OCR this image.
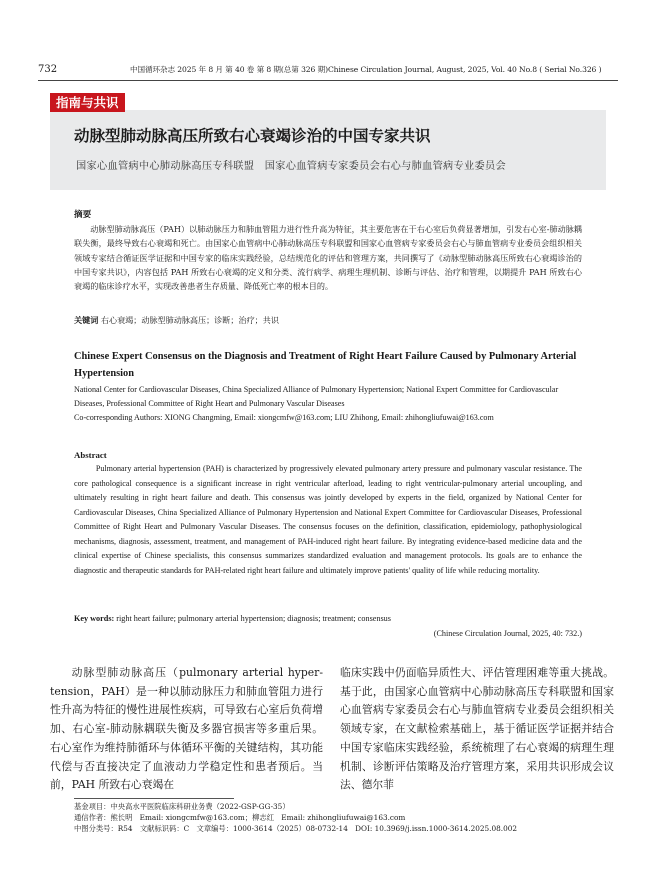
732	中国循环杂志 2025 年 8 月 第 40 卷 第 8 期(总第 326 期)Chinese Circulation Journal, August, 2025, Vol. 40 No.8 ( Serial No.326 )
指南与共识
动脉型肺动脉高压所致右心衰竭诊治的中国专家共识
国家心血管病中心肺动脉高压专科联盟　国家心血管病专家委员会右心与肺血管病专业委员会
摘要

动脉型肺动脉高压（PAH）以肺动脉压力和肺血管阻力进行性升高为特征，其主要危害在于右心室后负荷显著增加，引发右心室-肺动脉耦联失衡，最终导致右心衰竭和死亡。由国家心血管病中心肺动脉高压专科联盟和国家心血管病专家委员会右心与肺血管病专业委员会组织相关领域专家结合循证医学证据和中国专家的临床实践经验，总结规范化的评估和管理方案，共同撰写了《动脉型肺动脉高压所致右心衰竭诊治的中国专家共识》，内容包括 PAH 所致右心衰竭的定义和分类、流行病学、病理生理机制、诊断与评估、治疗和管理，以期提升 PAH 所致右心衰竭的临床诊疗水平，实现改善患者生存质量、降低死亡率的根本目的。

关键词 右心衰竭；动脉型肺动脉高压；诊断；治疗；共识
Chinese Expert Consensus on the Diagnosis and Treatment of Right Heart Failure Caused by Pulmonary Arterial Hypertension
National Center for Cardiovascular Diseases, China Specialized Alliance of Pulmonary Hypertension; National Expert Committee for Cardiovascular Diseases, Professional Committee of Right Heart and Pulmonary Vascular Diseases
Co-corresponding Authors: XIONG Changming, Email: xiongcmfw@163.com; LIU Zhihong, Email: zhihongliufuwai@163.com
Abstract

Pulmonary arterial hypertension (PAH) is characterized by progressively elevated pulmonary artery pressure and pulmonary vascular resistance. The core pathological consequence is a significant increase in right ventricular afterload, leading to right ventricular-pulmonary arterial uncoupling, and ultimately resulting in right heart failure and death. This consensus was jointly developed by experts in the field, organized by National Center for Cardiovascular Diseases, China Specialized Alliance of Pulmonary Hypertension and National Expert Committee for Cardiovascular Diseases, Professional Committee of Right Heart and Pulmonary Vascular Diseases. The consensus focuses on the definition, classification, epidemiology, pathophysiological mechanisms, diagnosis, assessment, treatment, and management of PAH-induced right heart failure. By integrating evidence-based medicine data and the clinical expertise of Chinese specialists, this consensus summarizes standardized evaluation and management protocols. Its goals are to enhance the diagnostic and therapeutic standards for PAH-related right heart failure and ultimately improve patients' quality of life while reducing mortality.

Key words: right heart failure; pulmonary arterial hypertension; diagnosis; treatment; consensus
(Chinese Circulation Journal, 2025, 40: 732.)

动脉型肺动脉高压（pulmonary arterial hyper-tension，PAH）是一种以肺动脉压力和肺血管阻力进行性升高为特征的慢性进展性疾病，可导致右心室后负荷增加、右心室-肺动脉耦联失衡及多器官损害等多重后果。右心室作为维持肺循环与体循环平衡的关键结构，其功能代偿与否直接决定了血液动力学稳定性和患者预后。当前，PAH 所致右心衰竭在

临床实践中仍面临异质性大、评估管理困难等重大挑战。基于此，由国家心血管病中心肺动脉高压专科联盟和国家心血管病专家委员会右心与肺血管病专业委员会组织相关领域专家，在文献检索基础上，基于循证医学证据并结合中国专家临床实践经验，系统梳理了右心衰竭的病理生理机制、诊断评估策略及治疗管理方案，采用共识形成会议法、德尔菲

基金项目：中央高水平医院临床科研业务费（2022-GSP-GG-35）
通信作者：熊长明　Email: xiongcmfw@163.com；柳志红　Email: zhihongliufuwai@163.com
中图分类号：R54　文献标识码：C　文章编号：1000-3614（2025）08-0732-14　DOI: 10.3969/j.issn.1000-3614.2025.08.002
